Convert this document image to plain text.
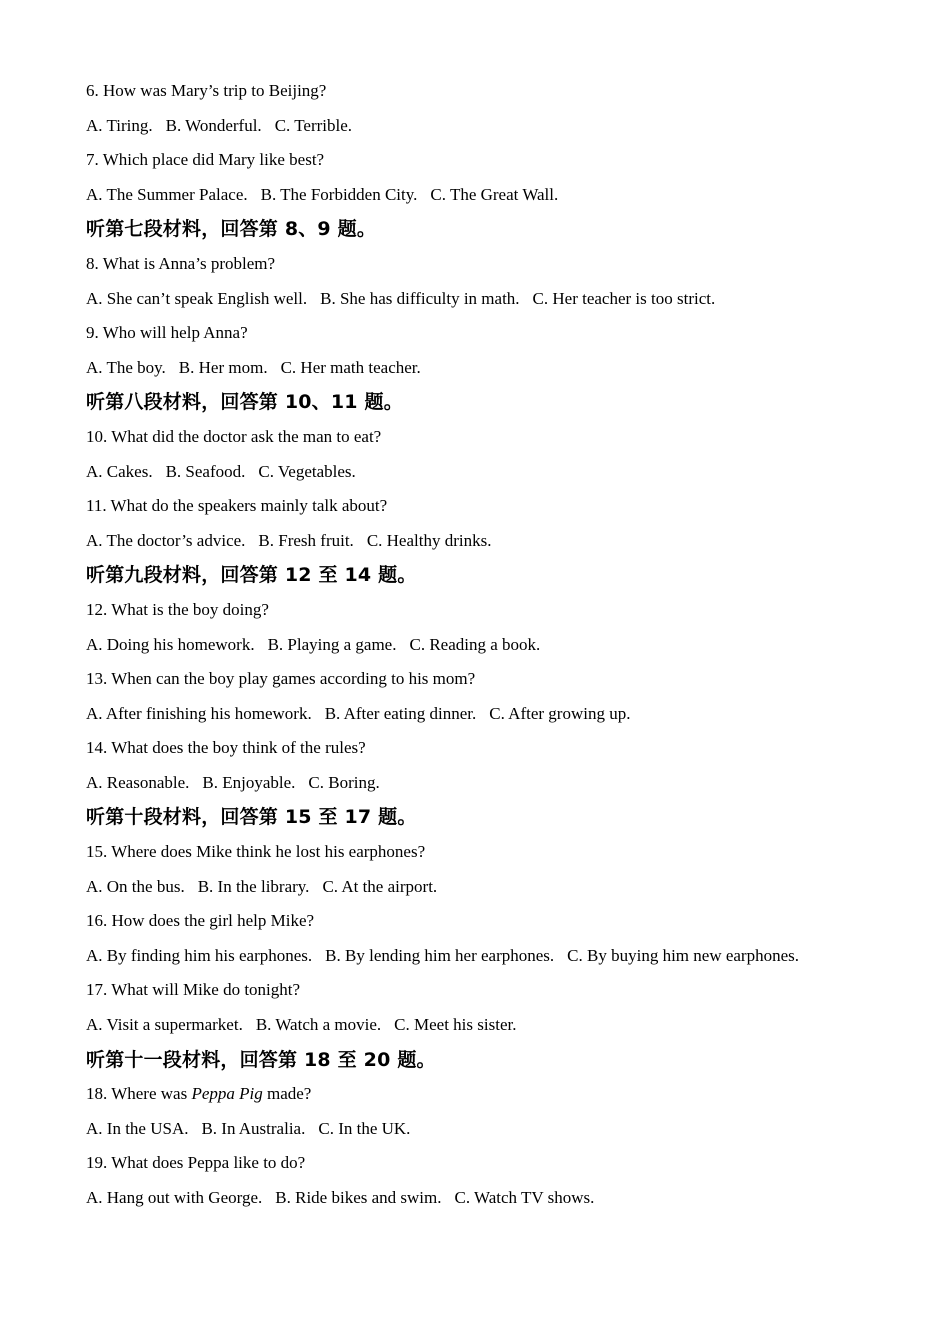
6. How was Mary’s trip to Beijing?
A. Tiring. B. Wonderful. C. Terrible.
7. Which place did Mary like best?
A. The Summer Palace. B. The Forbidden City. C. The Great Wall.
听第七段材料，回答第 8、9 题。
8. What is Anna’s problem?
A. She can’t speak English well. B. She has difficulty in math. C. Her teacher is too strict.
9. Who will help Anna?
A. The boy. B. Her mom. C. Her math teacher.
听第八段材料，回答第 10、11 题。
10. What did the doctor ask the man to eat?
A. Cakes. B. Seafood. C. Vegetables.
11. What do the speakers mainly talk about?
A. The doctor’s advice. B. Fresh fruit. C. Healthy drinks.
听第九段材料，回答第 12 至 14 题。
12. What is the boy doing?
A. Doing his homework. B. Playing a game. C. Reading a book.
13. When can the boy play games according to his mom?
A. After finishing his homework. B. After eating dinner. C. After growing up.
14. What does the boy think of the rules?
A. Reasonable. B. Enjoyable. C. Boring.
听第十段材料，回答第 15 至 17 题。
15. Where does Mike think he lost his earphones?
A. On the bus. B. In the library. C. At the airport.
16. How does the girl help Mike?
A. By finding him his earphones. B. By lending him her earphones. C. By buying him new earphones.
17. What will Mike do tonight?
A. Visit a supermarket. B. Watch a movie. C. Meet his sister.
听第十一段材料，回答第 18 至 20 题。
18. Where was Peppa Pig made?
A. In the USA. B. In Australia. C. In the UK.
19. What does Peppa like to do?
A. Hang out with George. B. Ride bikes and swim. C. Watch TV shows.
